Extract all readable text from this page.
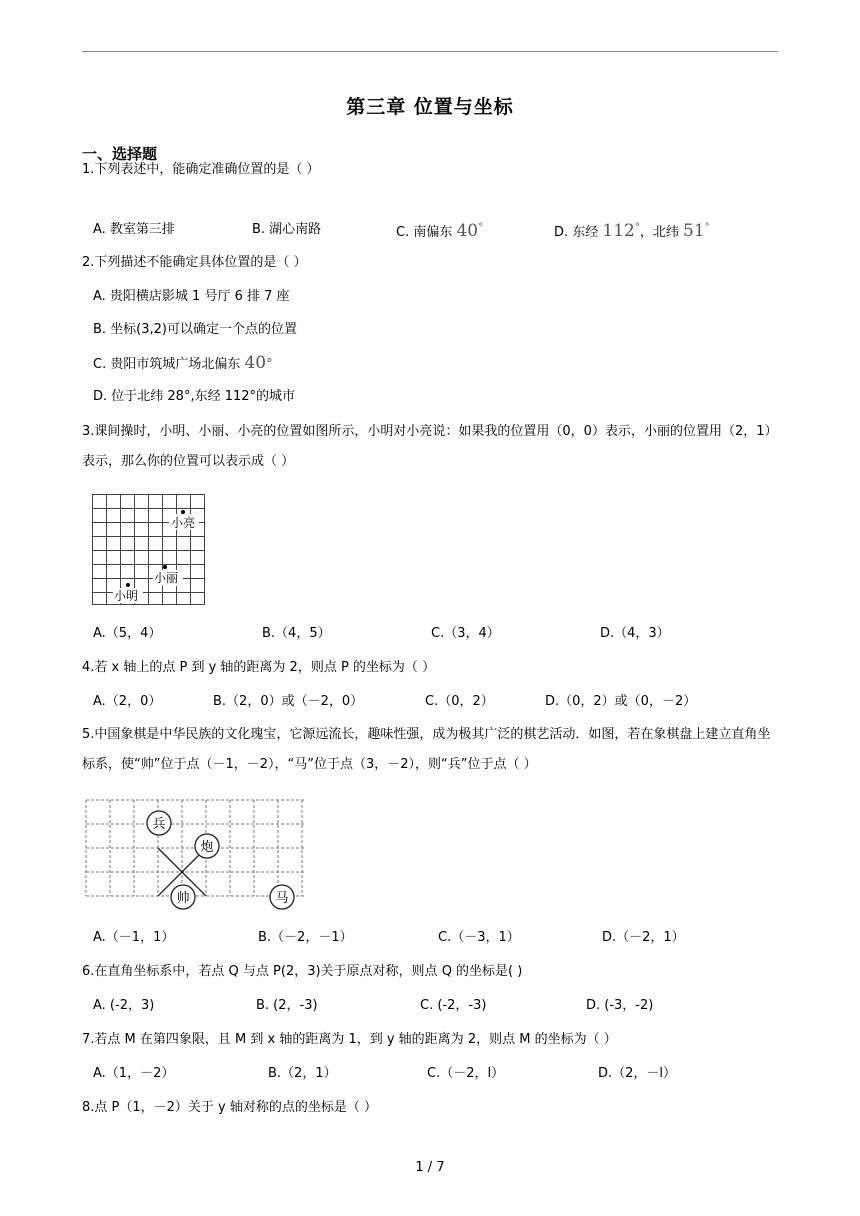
第三章 位置与坐标
一、选择题
1.下列表述中，能确定准确位置的是（ ）
A. 教室第三排	B. 湖心南路	C. 南偏东 40°	D. 东经 112°，北纬 51°
2.下列描述不能确定具体位置的是（ ）
A. 贵阳横店影城 1 号厅 6 排 7 座
B. 坐标(3,2)可以确定一个点的位置
C. 贵阳市筑城广场北偏东 40°
D. 位于北纬 28°,东经 112°的城市
3.课间操时，小明、小丽、小亮的位置如图所示，小明对小亮说：如果我的位置用（0，0）表示，小丽的位置用（2，1）表示，那么你的位置可以表示成（ ）
小亮
小丽
小明
A.（5，4）	B.（4，5）	C.（3，4）	D.（4，3）
4.若 x 轴上的点 P 到 y 轴的距离为 2，则点 P 的坐标为（ ）
A.（2，0）	B.（2，0）或（－2，0）	C.（0，2）	D.（0，2）或（0，－2）
5.中国象棋是中华民族的文化瑰宝，它源远流长，趣味性强，成为极其广泛的棋艺活动．如图，若在象棋盘上建立直角坐标系，使“帅”位于点（－1，－2），“马”位于点（3，－2），则“兵”位于点（ ）
兵
炮
帅	马
A.（－1，1）	B.（－2，－1）	C.（－3，1）	D.（－2，1）
6.在直角坐标系中，若点 Q 与点 P(2，3)关于原点对称，则点 Q 的坐标是( )
A. (-2，3)	B. (2，-3)	C. (-2，-3)	D. (-3，-2)
7.若点 M 在第四象限，且 M 到 x 轴的距离为 1，到 y 轴的距离为 2，则点 M 的坐标为（ ）
A.（1，－2）	B.（2，1）	C.（－2，l）	D.（2，－l）
8.点 P（1，－2）关于 y 轴对称的点的坐标是（ ）
1 / 7
